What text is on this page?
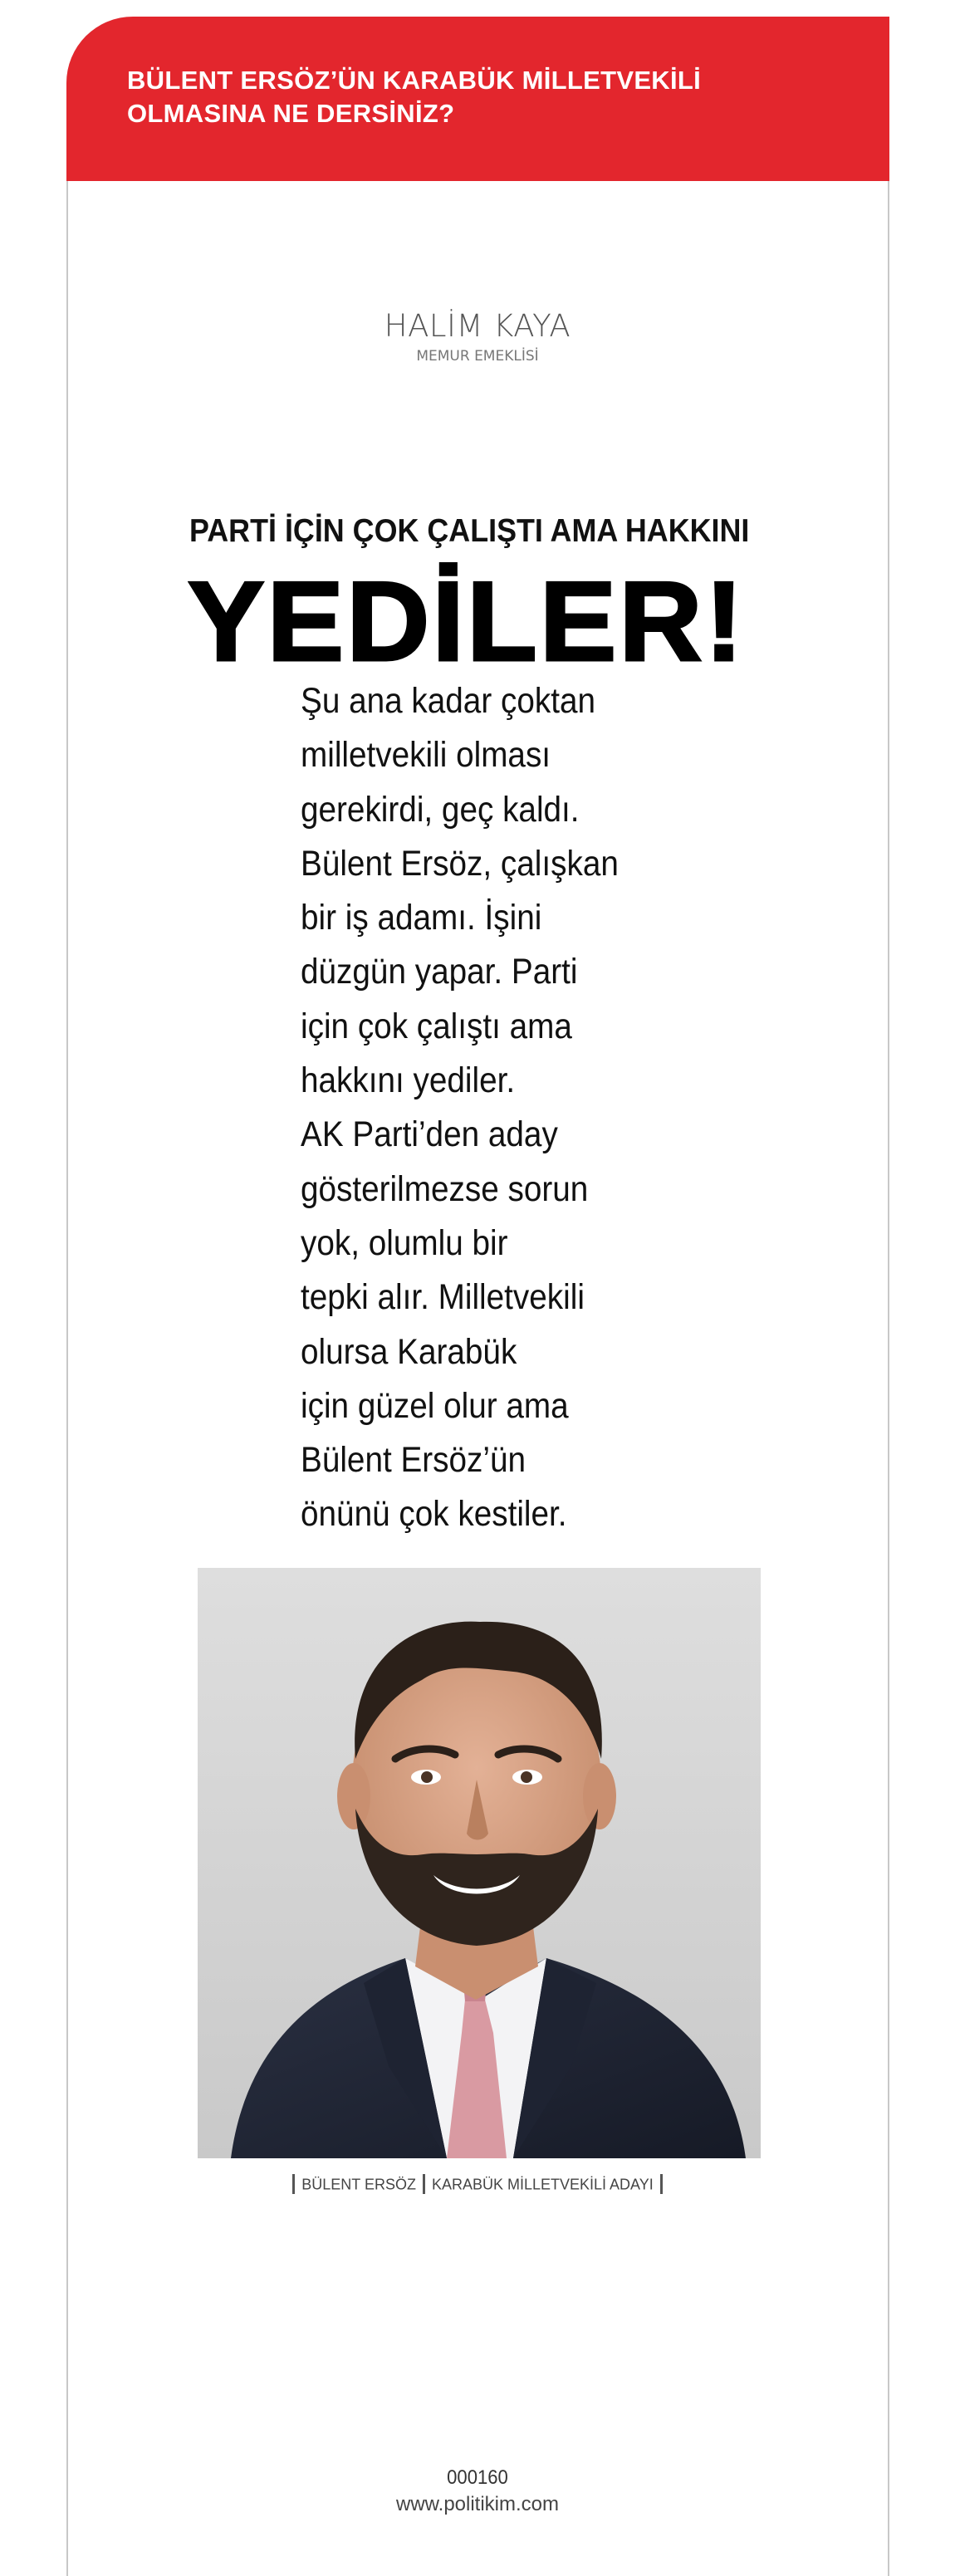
BÜLENT ERSÖZ’ÜN KARABÜK MİLLETVEKİLİ OLMASINA NE DERSİNİZ?
HALİM KAYA
MEMUR EMEKLİSİ
PARTİ İÇİN ÇOK ÇALIŞTI AMA HAKKINI
YEDİLER!
Şu ana kadar çoktan
milletvekili olması
gerekirdi, geç kaldı.
Bülent Ersöz, çalışkan
bir iş adamı. İşini
düzgün yapar. Parti
için çok çalıştı ama
hakkını yediler.
AK Parti’den aday
gösterilmezse sorun
yok, olumlu bir
tepki alır. Milletvekili
olursa Karabük
için güzel olur ama
Bülent Ersöz’ün
önünü çok kestiler.
BÜLENT ERSÖZ KARABÜK MİLLETVEKİLİ ADAYI
000160
www.politikim.com
